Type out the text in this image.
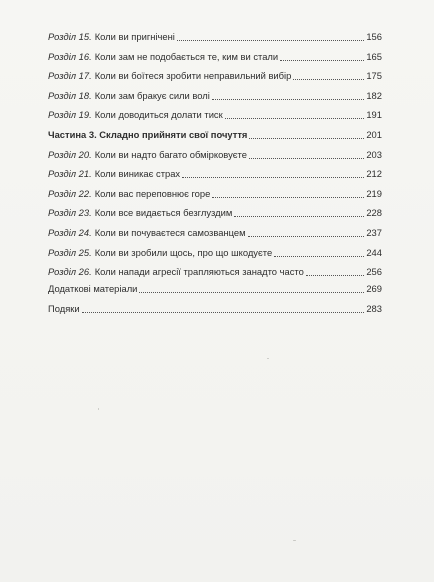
Розділ 15. Коли ви пригнічені	156
Розділ 16. Коли зам не подобається те, ким ви стали	165
Розділ 17. Коли ви боїтеся зробити неправильний вибір	175
Розділ 18. Коли зам бракує сили волі	182
Розділ 19. Коли доводиться долати тиск	191
Частина 3. Складно прийняти свої почуття	201
Розділ 20. Коли ви надто багато обмірковуєте	203
Розділ 21. Коли виникає страх	212
Розділ 22. Коли вас переповнює горе	219
Розділ 23. Коли все видається безглуздим	228
Розділ 24. Коли ви почуваєтеся самозванцем	237
Розділ 25. Коли ви зробили щось, про що шкодуєте	244
Розділ 26. Коли напади агресії трапляються занадто часто	256
Додаткові матеріали	269
Подяки	283
